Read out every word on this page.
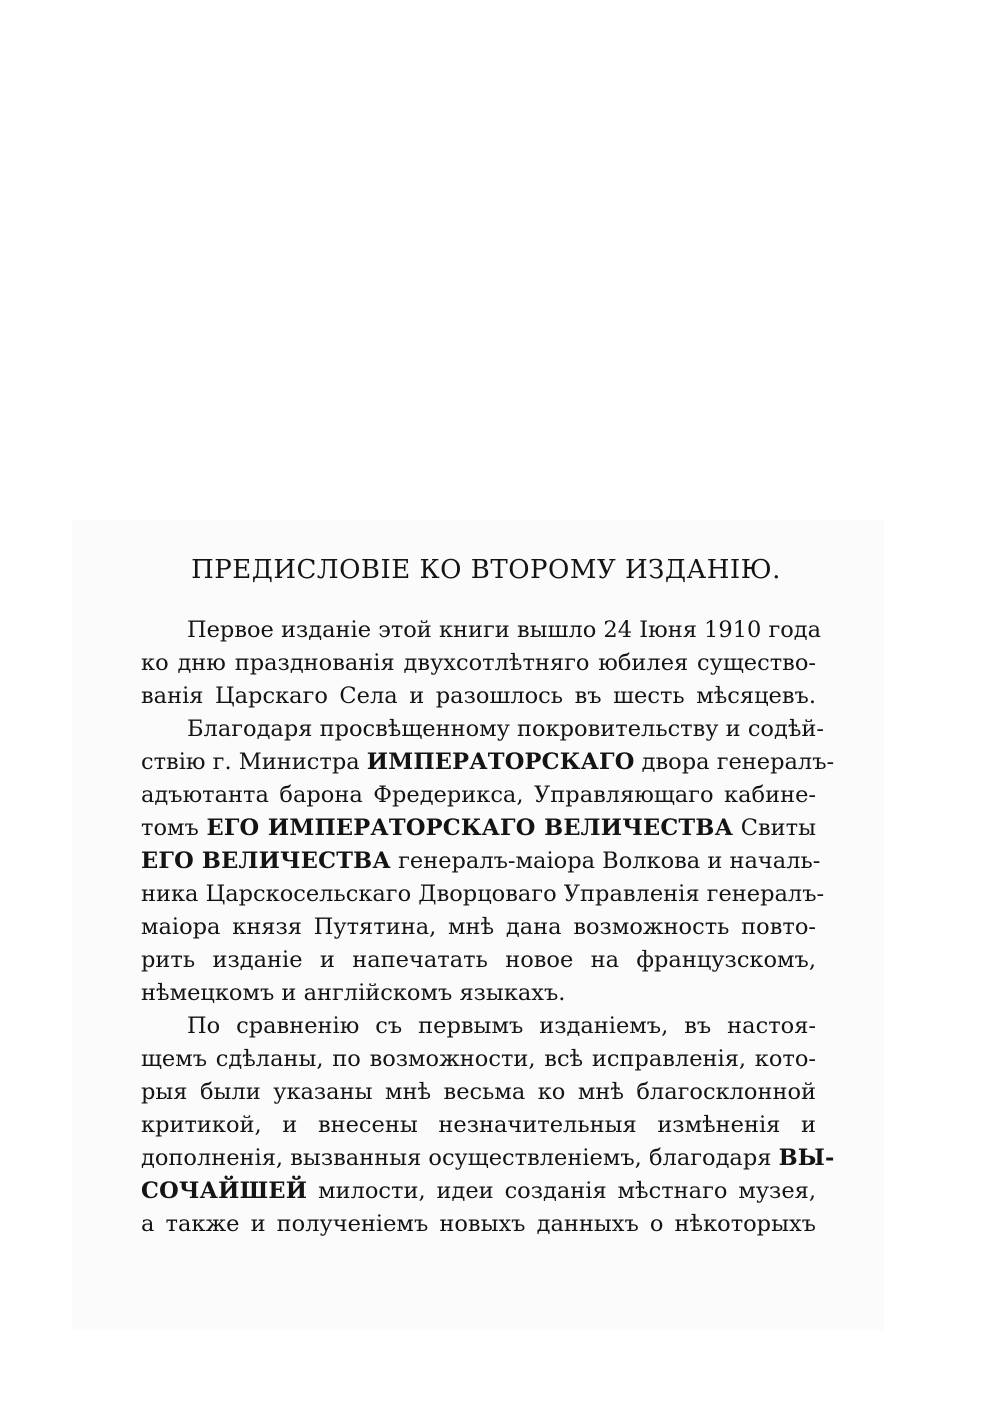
ПРЕДИСЛОВІЕ КО ВТОРОМУ ИЗДАНІЮ.
Первое изданіе этой книги вышло 24 Іюня 1910 года
ко дню празднованія двухсотлѣтняго юбилея существо-
ванія Царскаго Села и разошлось въ шесть мѣсяцевъ.
Благодаря просвѣщенному покровительству и содѣй-
ствію г. Министра ИМПЕРАТОРСКАГО двора генералъ-
адъютанта барона Фредерикса, Управляющаго кабине-
томъ ЕГО ИМПЕРАТОРСКАГО ВЕЛИЧЕСТВА Свиты
ЕГО ВЕЛИЧЕСТВА генералъ-маіора Волкова и началь-
ника Царскосельскаго Дворцоваго Управленія генералъ-
маіора князя Путятина, мнѣ дана возможность повто-
рить изданіе и напечатать новое на французскомъ,
нѣмецкомъ и англійскомъ языкахъ.
По сравненію съ первымъ изданіемъ, въ настоя-
щемъ сдѣланы, по возможности, всѣ исправленія, кото-
рыя были указаны мнѣ весьма ко мнѣ благосклонной
критикой, и внесены незначительныя измѣненія и
дополненія, вызванныя осуществленіемъ, благодаря ВЫ-
СОЧАЙШЕЙ милости, идеи созданія мѣстнаго музея,
а также и полученіемъ новыхъ данныхъ о нѣкоторыхъ
